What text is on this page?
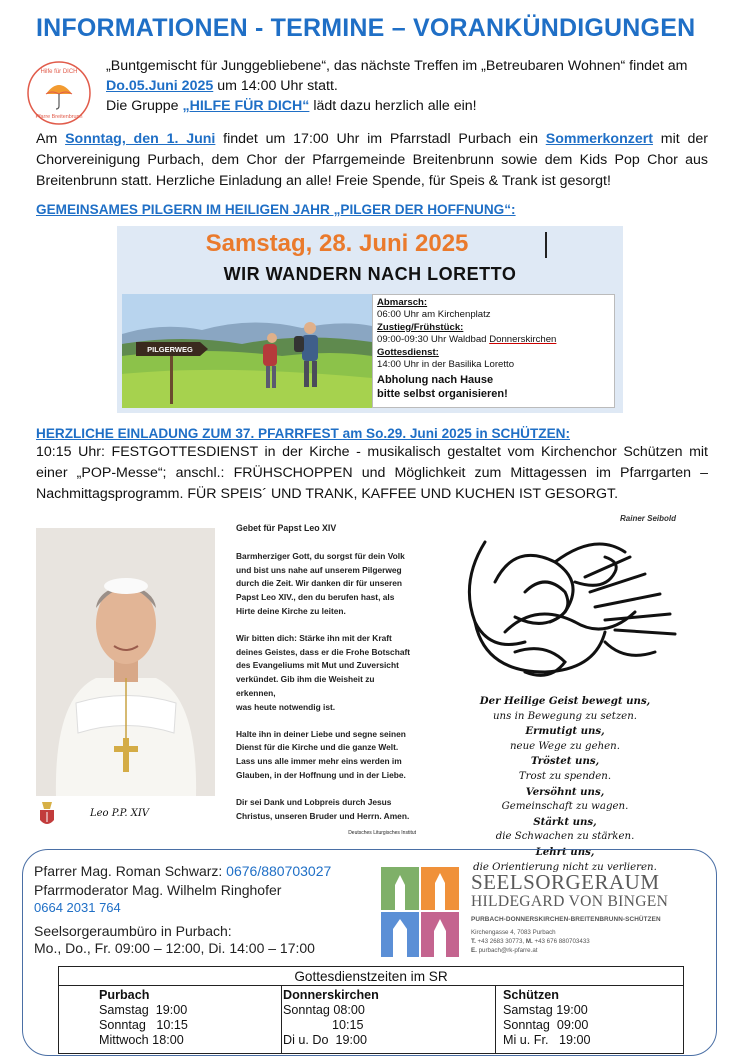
INFORMATIONEN - TERMINE – VORANKÜNDIGUNGEN
Hilfe für DICH
Pfarre Breitenbrunn
„Buntgemischt für Junggebliebene“, das nächste Treffen im „Betreubaren Wohnen“ findet am Do.05.Juni 2025 um 14:00 Uhr statt.
Die Gruppe „HILFE FÜR DICH“ lädt dazu herzlich alle ein!
Am Sonntag, den 1. Juni findet um 17:00 Uhr im Pfarrstadl Purbach ein Sommerkonzert mit der Chorvereinigung Purbach, dem Chor der Pfarrgemeinde Breitenbrunn sowie dem Kids Pop Chor aus Breitenbrunn statt. Herzliche Einladung an alle! Freie Spende, für Speis & Trank ist gesorgt!
GEMEINSAMES PILGERN IM HEILIGEN JAHR „PILGER DER HOFFNUNG“:
Samstag, 28. Juni 2025
WIR WANDERN NACH LORETTO
PILGERWEG
Abmarsch:
06:00 Uhr am Kirchenplatz
Zustieg/Frühstück:
09:00-09:30 Uhr Waldbad Donnerskirchen
Gottesdienst:
14:00 Uhr in der Basilika Loretto
Abholung nach Hause
bitte selbst organisieren!
HERZLICHE EINLADUNG ZUM 37. PFARRFEST am So.29. Juni 2025 in SCHÜTZEN:
10:15 Uhr: FESTGOTTESDIENST in der Kirche - musikalisch gestaltet vom Kirchenchor Schützen mit einer „POP-Messe“; anschl.: FRÜHSCHOPPEN und Möglichkeit zum Mittagessen im Pfarrgarten – Nachmittagsprogramm. FÜR SPEIS´ UND TRANK, KAFFEE UND KUCHEN IST GESORGT.
Leo P.P. XIV
Gebet für Papst Leo XIV
Barmherziger Gott, du sorgst für dein Volk
und bist uns nahe auf unserem Pilgerweg
durch die Zeit. Wir danken dir für unseren
Papst Leo XIV., den du berufen hast, als
Hirte deine Kirche zu leiten.
Wir bitten dich: Stärke ihn mit der Kraft
deines Geistes, dass er die Frohe Botschaft
des Evangeliums mit Mut und Zuversicht
verkündet. Gib ihm die Weisheit zu erkennen,
was heute notwendig ist.
Halte ihn in deiner Liebe und segne seinen
Dienst für die Kirche und die ganze Welt.
Lass uns alle immer mehr eins werden im
Glauben, in der Hoffnung und in der Liebe.
Dir sei Dank und Lobpreis durch Jesus
Christus, unseren Bruder und Herrn. Amen.
Deutsches Liturgisches Institut
Rainer Seibold
Der Heilige Geist bewegt uns,
uns in Bewegung zu setzen.
Ermutigt uns,
neue Wege zu gehen.
Tröstet uns,
Trost zu spenden.
Versöhnt uns,
Gemeinschaft zu wagen.
Stärkt uns,
die Schwachen zu stärken.
Lehrt uns,
die Orientierung nicht zu verlieren.
Pfarrer Mag. Roman Schwarz: 0676/880703027
Pfarrmoderator Mag. Wilhelm Ringhofer
0664 2031 764
Seelsorgeraumbüro in Purbach:
Mo., Do., Fr. 09:00 – 12:00, Di. 14:00 – 17:00
SEELSORGERAUM
HILDEGARD VON BINGEN
PURBACH-DONNERSKIRCHEN-BREITENBRUNN-SCHÜTZEN
Kirchengasse 4, 7083 Purbach
T. +43 2683 30773, M. +43 676 880703433
E. purbach@rk-pfarre.at
Gottesdienstzeiten im SR
Purbach
Samstag  19:00
Sonntag   10:15
Mittwoch 18:00
Donnerskirchen
Sonntag 08:00
10:15
Di u. Do  19:00
Schützen
Samstag 19:00
Sonntag  09:00
Mi u. Fr.   19:00
